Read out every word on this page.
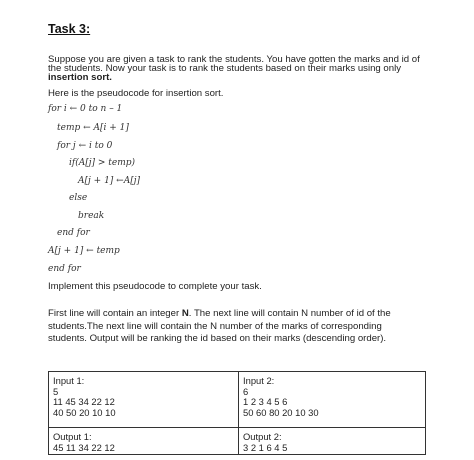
Task 3:
Suppose you are given a task to rank the students. You have gotten the marks and id of
the students. Now your task is to rank the students based on their marks using only
insertion sort.
Here is the pseudocode for insertion sort.
for i ← 0 to n – 1
temp ← A[i + 1]
for j ← i to 0
if(A[j] > temp)
A[j + 1] ←A[j]
else
break
end for
A[j + 1] ← temp
end for
Implement this pseudocode to complete your task.
First line will contain an integer N. The next line will contain N number of id of the
students.The next line will contain the N number of the marks of corresponding
students. Output will be ranking the id based on their marks (descending order).
Input 1:
5
11 45 34 22 12
40 50 20 10 10
Input 2:
6
1 2 3 4 5 6
50 60 80 20 10 30
Output 1:
45 11 34 22 12
Output 2:
3 2 1 6 4 5
